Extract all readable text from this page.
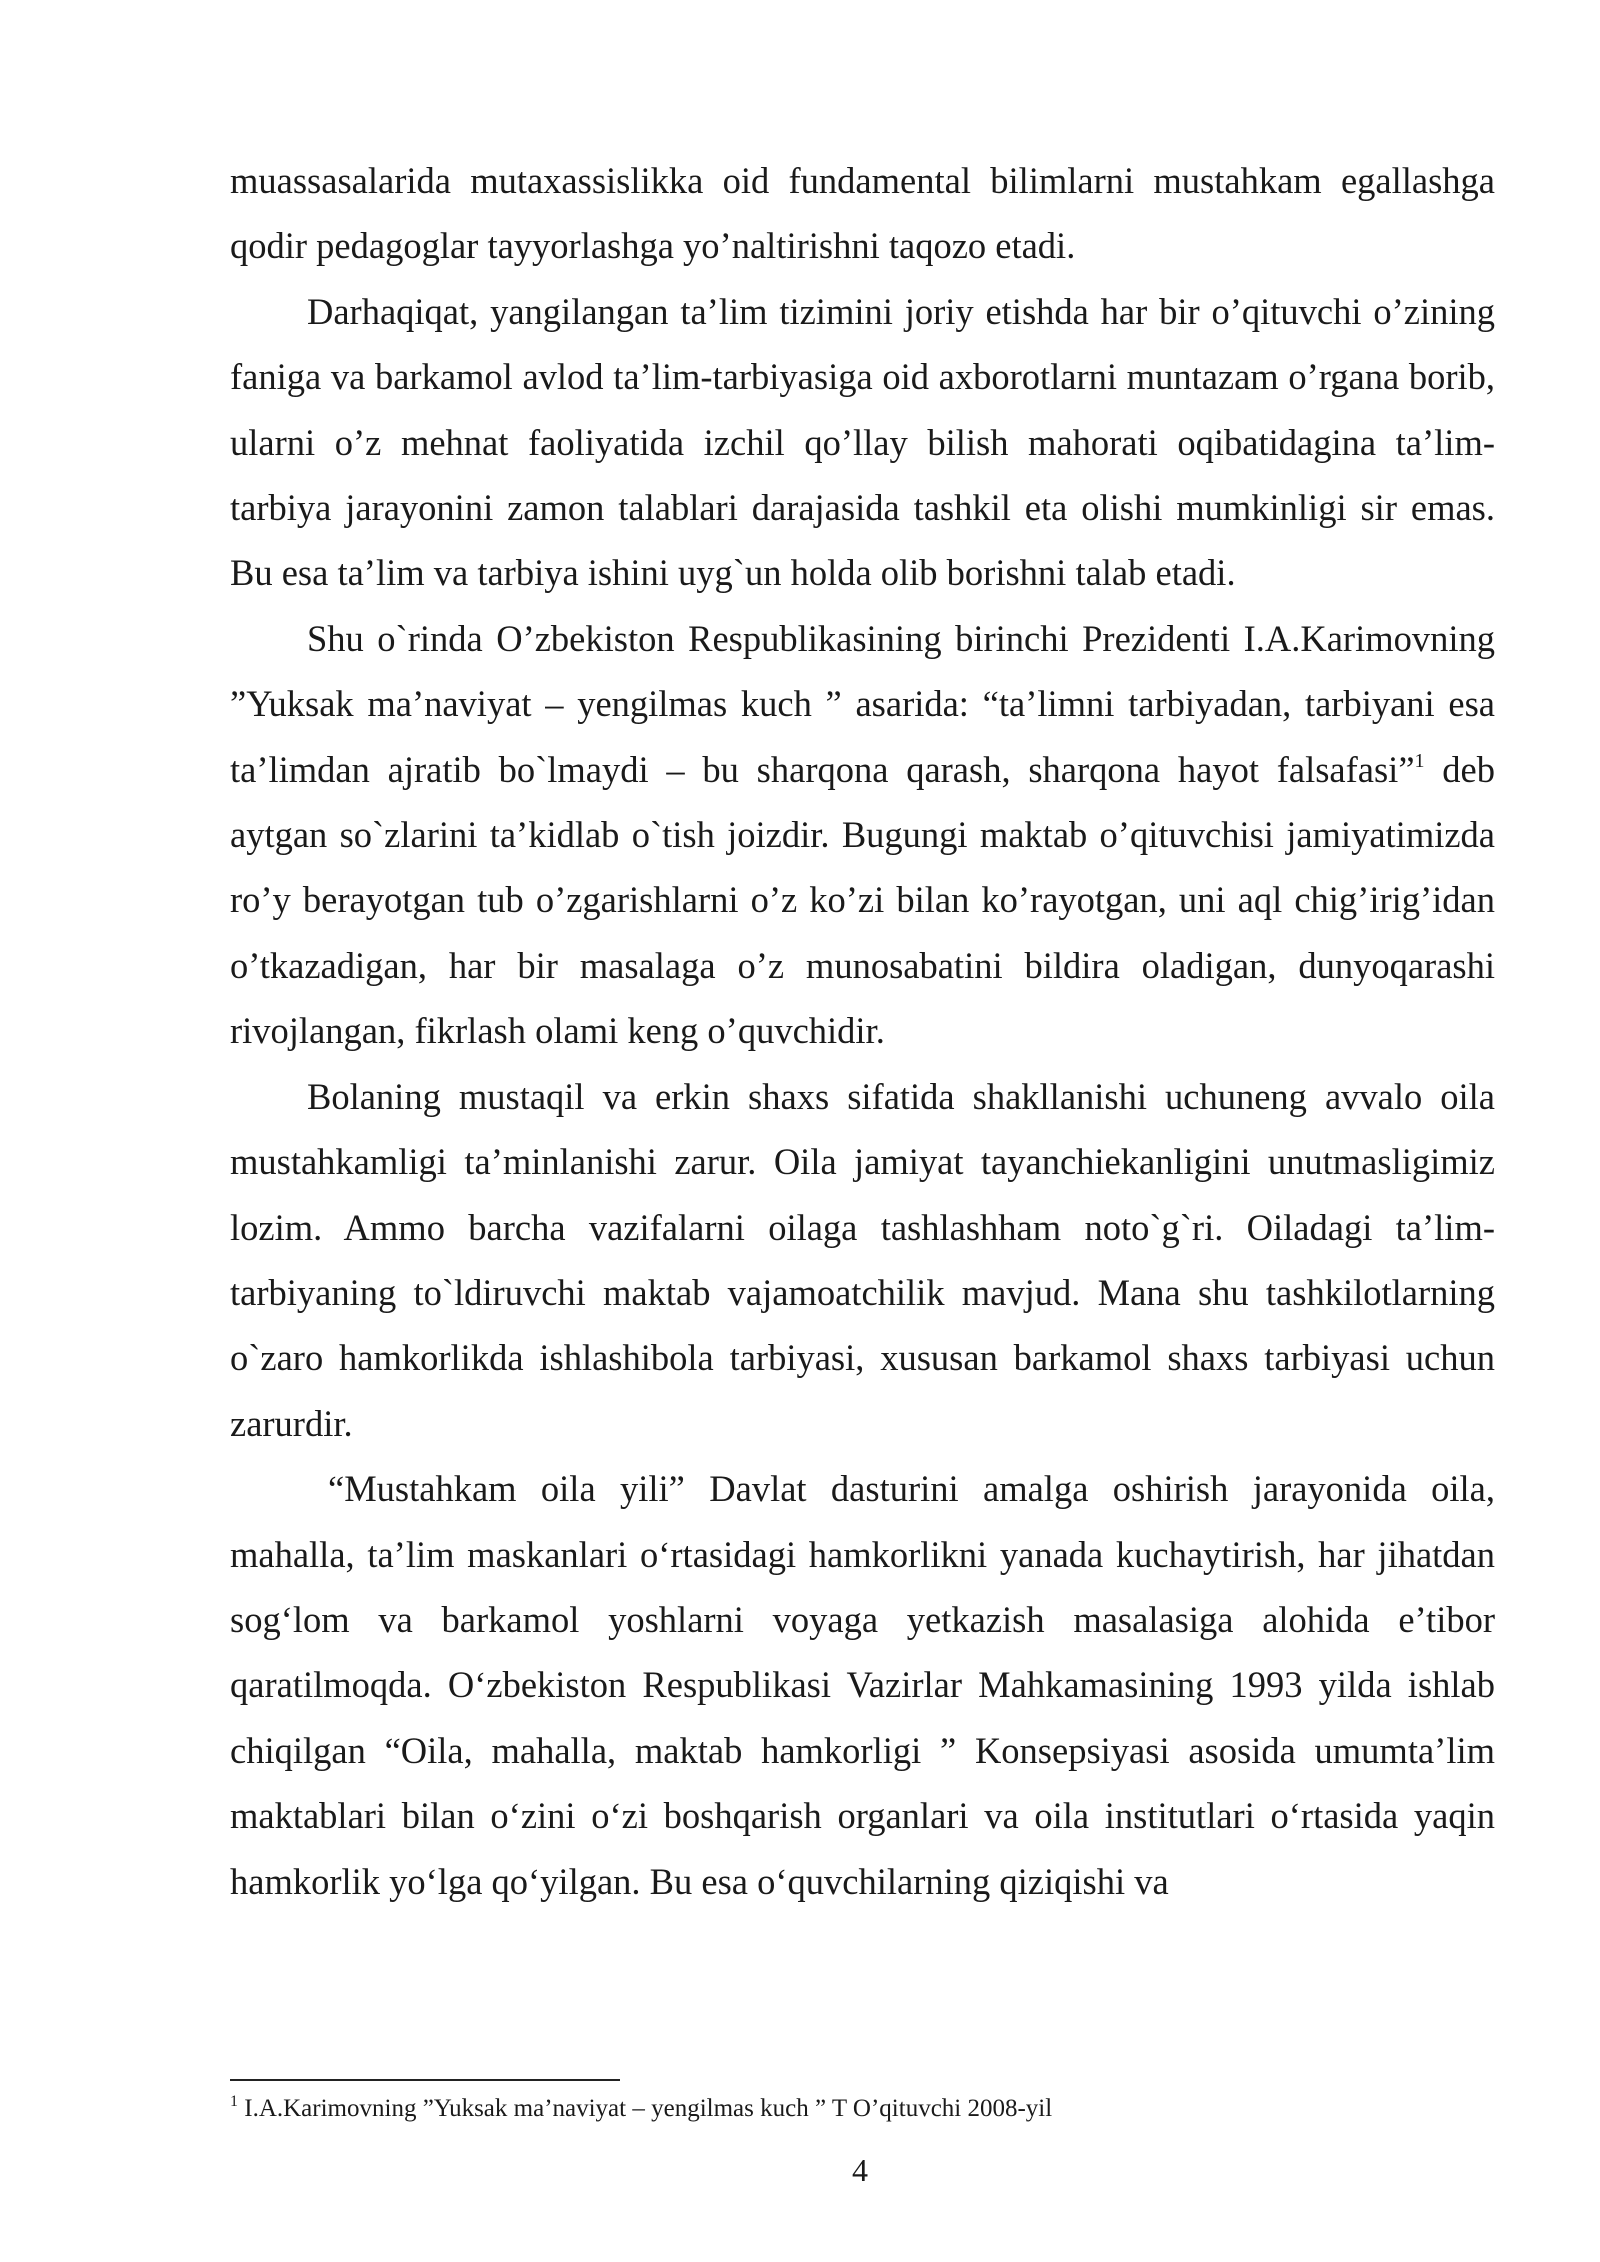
muassasalarida mutaxassislikka oid fundamental bilimlarni mustahkam egallashga qodir pedagoglar tayyorlashga yo’naltirishni taqozo etadi.

Darhaqiqat, yangilangan ta’lim tizimini joriy etishda har bir o’qituvchi o’zining faniga va barkamol avlod ta’lim-tarbiyasiga oid axborotlarni muntazam o’rgana borib, ularni o’z mehnat faoliyatida izchil qo’llay bilish mahorati oqibatidagina ta’lim-tarbiya jarayonini zamon talablari darajasida tashkil eta olishi mumkinligi sir emas. Bu esa ta’lim va tarbiya ishini uyg`un holda olib borishni talab etadi.

Shu o`rinda O’zbekiston Respublikasining birinchi Prezidenti I.A.Karimovning ”Yuksak ma’naviyat – yengilmas kuch ” asarida: “ta’limni tarbiyadan, tarbiyani esa ta’limdan ajratib bo`lmaydi – bu sharqona qarash, sharqona hayot falsafasi”$^1$ deb aytgan so`zlarini ta’kidlab o`tish joizdir. Bugungi maktab o’qituvchisi jamiyatimizda ro’y berayotgan tub o’zgarishlarni o’z ko’zi bilan ko’rayotgan, uni aql chig’irig’idan o’tkazadigan, har bir masalaga o’z munosabatini bildira oladigan, dunyoqarashi rivojlangan, fikrlash olami keng o’quvchidir.

Bolaning mustaqil va erkin shaxs sifatida shakllanishi uchuneng avvalo oila mustahkamligi ta’minlanishi zarur. Oila jamiyat tayanchiekanligini unutmasligimiz lozim. Ammo barcha vazifalarni oilaga tashlashham noto`g`ri. Oiladagi ta’lim-tarbiyaning to`ldiruvchi maktab vajamoatchilik mavjud. Mana shu tashkilotlarning o`zaro hamkorlikda ishlashibola tarbiyasi, xususan barkamol shaxs tarbiyasi uchun zarurdir.

“Mustahkam oila yili” Davlat dasturini amalga oshirish jarayonida oila, mahalla, ta’lim maskanlari o‘rtasidagi hamkorlikni yanada kuchaytirish, har jihatdan sog‘lom va barkamol yoshlarni voyaga yetkazish masalasiga alohida e’tibor qaratilmoqda. O‘zbekiston Respublikasi Vazirlar Mahkamasining 1993 yilda ishlab chiqilgan “Oila, mahalla, maktab hamkorligi ” Konsepsiyasi asosida umumta’lim maktablari bilan o‘zini o‘zi boshqarish organlari va oila institutlari o‘rtasida yaqin hamkorlik yo‘lga qo‘yilgan. Bu esa o‘quvchilarning qiziqishi va

$^1$ I.A.Karimovning ”Yuksak ma’naviyat – yengilmas kuch ” T O’qituvchi 2008-yil
4
